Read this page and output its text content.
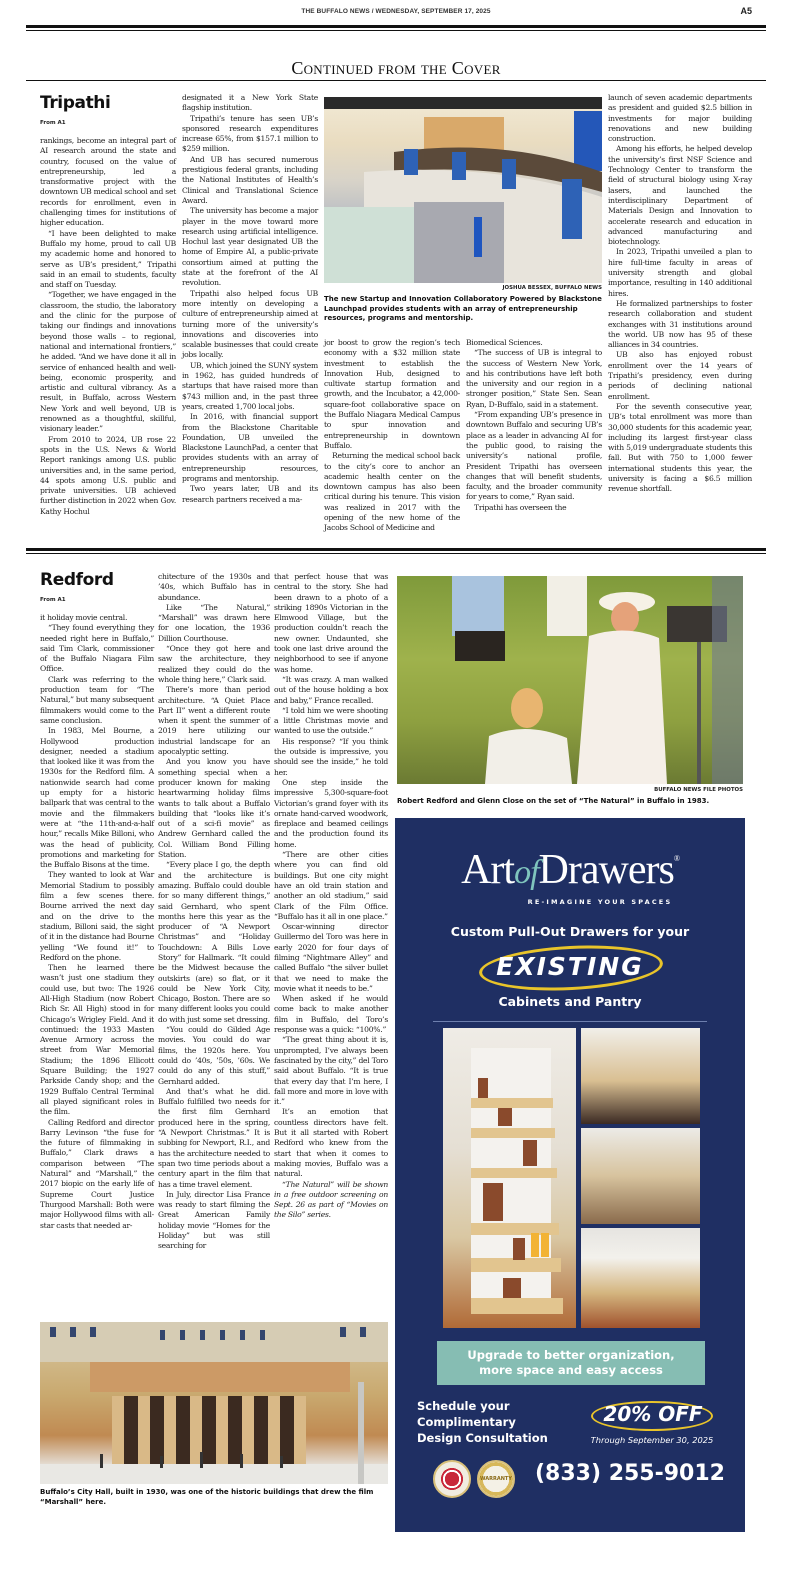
THE BUFFALO NEWS / WEDNESDAY, SEPTEMBER 17, 2025	A5
Continued from the Cover
Tripathi
From A1

rankings, become an integral part of AI research around the state and country, focused on the value of entrepreneurship, led a transformative project with the downtown UB medical school and set records for enrollment, even in challenging times for institutions of higher education.

“I have been delighted to make Buffalo my home, proud to call UB my academic home and honored to serve as UB’s president,” Tripathi said in an email to students, faculty and staff on Tuesday.

“Together, we have engaged in the classroom, the studio, the laboratory and the clinic for the purpose of taking our findings and innovations beyond those walls – to regional, national and international frontiers,” he added. “And we have done it all in service of enhanced health and well-being, economic prosperity, and artistic and cultural vibrancy. As a result, in Buffalo, across Western New York and well beyond, UB is renowned as a thoughtful, skillful, visionary leader.”

From 2010 to 2024, UB rose 22 spots in the U.S. News & World Report rankings among U.S. public universities and, in the same period, 44 spots among U.S. public and private universities. UB achieved further distinction in 2022 when Gov. Kathy Hochul

designated it a New York State flagship institution.

Tripathi’s tenure has seen UB’s sponsored research expenditures increase 65%, from $157.1 million to $259 million.

And UB has secured numerous prestigious federal grants, including the National Institutes of Health’s Clinical and Translational Science Award.

The university has become a major player in the move toward more research using artificial intelligence. Hochul last year designated UB the home of Empire AI, a public-private consortium aimed at putting the state at the forefront of the AI revolution.

Tripathi also helped focus UB more intently on developing a culture of entrepreneurship aimed at turning more of the university’s innovations and discoveries into scalable businesses that could create jobs locally.

UB, which joined the SUNY system in 1962, has guided hundreds of startups that have raised more than $743 million and, in the past three years, created 1,700 local jobs.

In 2016, with financial support from the Blackstone Charitable Foundation, UB unveiled the Blackstone LaunchPad, a center that provides students with an array of entrepreneurship resources, programs and mentorship.

Two years later, UB and its research partners received a ma-

JOSHUA BESSEX, BUFFALO NEWS
The new Startup and Innovation Collaboratory Powered by Blackstone Launchpad provides students with an array of entrepreneurship resources, programs and mentorship.

jor boost to grow the region’s tech economy with a $32 million state investment to establish the Innovation Hub, designed to cultivate startup formation and growth, and the Incubator, a 42,000-square-foot collaborative space on the Buffalo Niagara Medical Campus to spur innovation and entrepreneurship in downtown Buffalo.

Returning the medical school back to the city’s core to anchor an academic health center on the downtown campus has also been critical during his tenure. This vision was realized in 2017 with the opening of the new home of the Jacobs School of Medicine and

Biomedical Sciences.

“The success of UB is integral to the success of Western New York, and his contributions have left both the university and our region in a stronger position,” State Sen. Sean Ryan, D-Buffalo, said in a statement.

“From expanding UB’s presence in downtown Buffalo and securing UB’s place as a leader in advancing AI for the public good, to raising the university’s national profile, President Tripathi has overseen changes that will benefit students, faculty, and the broader community for years to come,” Ryan said.

Tripathi has overseen the

launch of seven academic departments as president and guided $2.5 billion in investments for major building renovations and new building construction.

Among his efforts, he helped develop the university’s first NSF Science and Technology Center to transform the field of structural biology using X-ray lasers, and launched the interdisciplinary Department of Materials Design and Innovation to accelerate research and education in advanced manufacturing and biotechnology.

In 2023, Tripathi unveiled a plan to hire full-time faculty in areas of university strength and global importance, resulting in 140 additional hires.

He formalized partnerships to foster research collaboration and student exchanges with 31 institutions around the world. UB now has 95 of these alliances in 34 countries.

UB also has enjoyed robust enrollment over the 14 years of Tripathi’s presidency, even during periods of declining national enrollment.

For the seventh consecutive year, UB’s total enrollment was more than 30,000 students for this academic year, including its largest first-year class with 5,019 undergraduate students this fall. But with 750 to 1,000 fewer international students this year, the university is facing a $6.5 million revenue shortfall.

Redford
From A1

it holiday movie central.

“They found everything they needed right here in Buffalo,” said Tim Clark, commissioner of the Buffalo Niagara Film Office.

Clark was referring to the production team for “The Natural,” but many subsequent filmmakers would come to the same conclusion.

In 1983, Mel Bourne, a Hollywood production designer, needed a stadium that looked like it was from the 1930s for the Redford film. A nationwide search had come up empty for a historic ballpark that was central to the movie and the filmmakers were at “the 11th-and-a-half hour,” recalls Mike Billoni, who was the head of publicity, promotions and marketing for the Buffalo Bisons at the time.

They wanted to look at War Memorial Stadium to possibly film a few scenes there. Bourne arrived the next day and on the drive to the stadium, Billoni said, the sight of it in the distance had Bourne yelling “We found it!” to Redford on the phone.

Then he learned there wasn’t just one stadium they could use, but two: The 1926 All-High Stadium (now Robert Rich Sr. All High) stood in for Chicago’s Wrigley Field. And it continued: the 1933 Masten Avenue Armory across the street from War Memorial Stadium; the 1896 Ellicott Square Building; the 1927 Parkside Candy shop; and the 1929 Buffalo Central Terminal all played significant roles in the film.

Calling Redford and director Barry Levinson “the fuse for the future of filmmaking in Buffalo,” Clark draws a comparison between “The Natural” and “Marshall,” the 2017 biopic on the early life of Supreme Court Justice Thurgood Marshall: Both were major Hollywood films with all-star casts that needed ar-

chitecture of the 1930s and ’40s, which Buffalo has in abundance.

Like “The Natural,” “Marshall” was drawn here for one location, the 1936 Dillion Courthouse.

“Once they got here and saw the architecture, they realized they could do the whole thing here,” Clark said.

There’s more than period architecture. “A Quiet Place Part II” went a different route when it spent the summer of 2019 here utilizing our industrial landscape for an apocalyptic setting.

And you know you have something special when a producer known for making heartwarming holiday films wants to talk about a Buffalo building that “looks like it’s out of a sci-fi movie” as Andrew Gernhard called the Col. William Bond Filling Station.

“Every place I go, the depth and the architecture is amazing. Buffalo could double for so many different things,” said Gernhard, who spent months here this year as the producer of “A Newport Christmas” and “Holiday Touchdown: A Bills Love Story” for Hallmark. “It could be the Midwest because the outskirts (are) so flat, or it could be New York City, Chicago, Boston. There are so many different looks you could do with just some set dressing.

“You could do Gilded Age movies. You could do war films, the 1920s here. You could do ’40s, ’50s, ’60s. We could do any of this stuff,” Gernhard added.

And that’s what he did. Buffalo fulfilled two needs for the first film Gernhard produced here in the spring, “A Newport Christmas.” It is subbing for Newport, R.I., and has the architecture needed to span two time periods about a century apart in the film that has a time travel element.

In July, director Lisa France was ready to start filming the Great American Family holiday movie “Homes for the Holiday” but was still searching for

that perfect house that was central to the story. She had been drawn to a photo of a striking 1890s Victorian in the Elmwood Village, but the production couldn’t reach the new owner. Undaunted, she took one last drive around the neighborhood to see if anyone was home.

“It was crazy. A man walked out of the house holding a box and baby,” France recalled.

“I told him we were shooting a little Christmas movie and wanted to use the outside.”

His response? “If you think the outside is impressive, you should see the inside,” he told her.

One step inside the impressive 5,300-square-foot Victorian’s grand foyer with its ornate hand-carved woodwork, fireplace and beamed ceilings and the production found its home.

“There are other cities where you can find old buildings. But one city might have an old train station and another an old stadium,” said Clark of the Film Office. “Buffalo has it all in one place.”

Oscar-winning director Guillermo del Toro was here in early 2020 for four days of filming “Nightmare Alley” and called Buffalo “the silver bullet that we need to make the movie what it needs to be.”

When asked if he would come back to make another film in Buffalo, del Toro’s response was a quick: “100%.”

“The great thing about it is, unprompted, I’ve always been fascinated by the city,” del Toro said about Buffalo. “It is true that every day that I’m here, I fall more and more in love with it.”

It’s an emotion that countless directors have felt. But it all started with Robert Redford who knew from the start that when it comes to making movies, Buffalo was a natural.

“The Natural” will be shown in a free outdoor screening on Sept. 26 as part of “Movies on the Silo” series.

BUFFALO NEWS FILE PHOTOS
Robert Redford and Glenn Close on the set of “The Natural” in Buffalo in 1983.
Buffalo’s City Hall, built in 1930, was one of the historic buildings that drew the film “Marshall” here.
ArtofDrawers®
RE-IMAGINE YOUR SPACES
Custom Pull-Out Drawers for your
EXISTING
Cabinets and Pantry
Upgrade to better organization,
more space and easy access
Schedule your
Complimentary
Design Consultation
20% OFF
Through September 30, 2025
WARRANTY (833) 255-9012
